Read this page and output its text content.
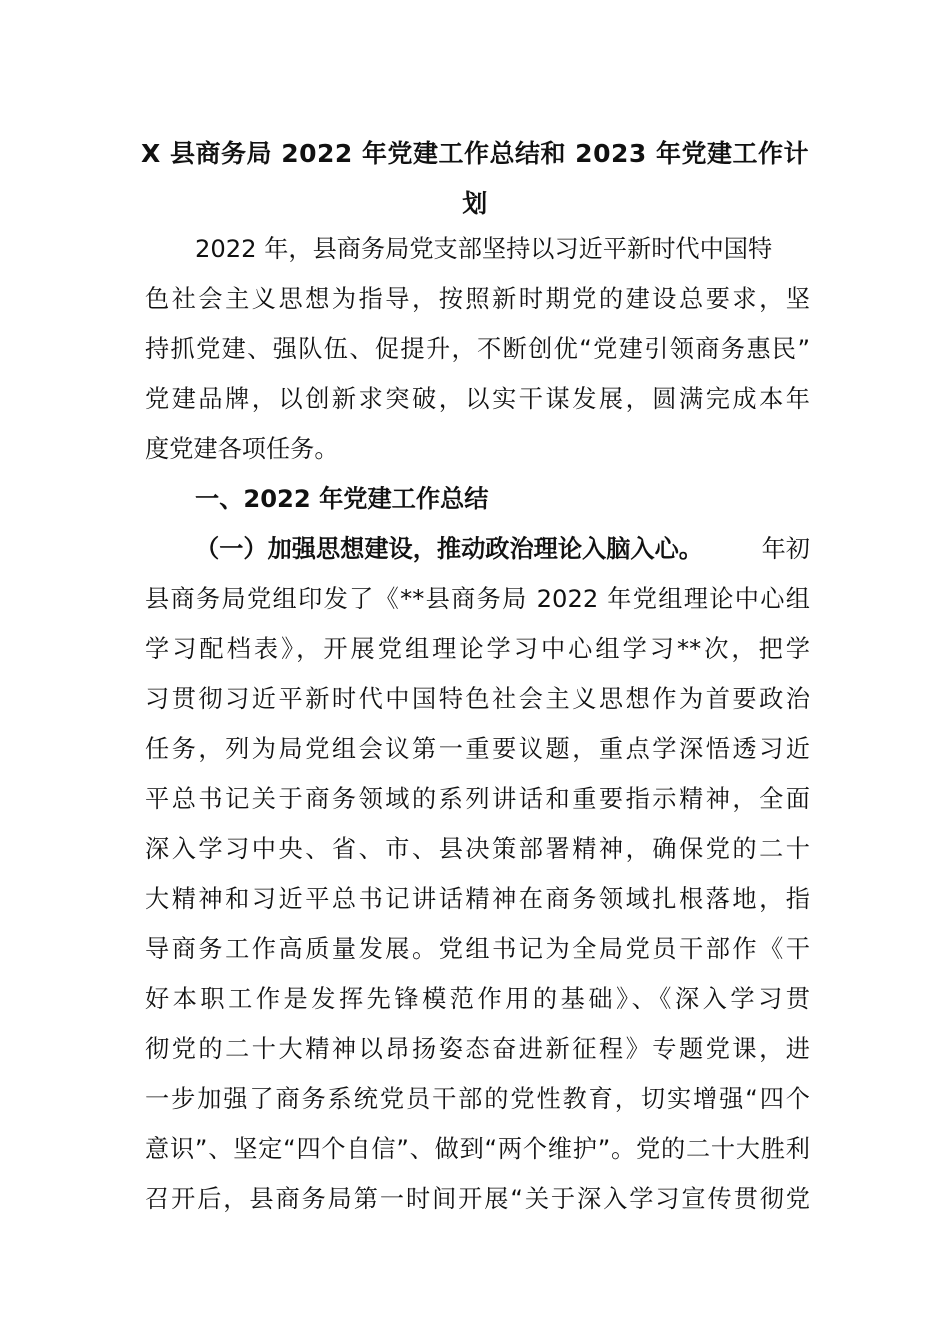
X 县商务局 2022 年党建工作总结和 2023 年党建工作计
划
2022 年，县商务局党支部坚持以习近平新时代中国特
色社会主义思想为指导，按照新时期党的建设总要求，坚
持抓党建、强队伍、促提升，不断创优“党建引领商务惠民”
党建品牌，以创新求突破，以实干谋发展，圆满完成本年
度党建各项任务。
一、2022 年党建工作总结
（一）加强思想建设，推动政治理论入脑入心。 年初
县商务局党组印发了《**县商务局 2022 年党组理论中心组
学习配档表》，开展党组理论学习中心组学习**次，把学
习贯彻习近平新时代中国特色社会主义思想作为首要政治
任务，列为局党组会议第一重要议题，重点学深悟透习近
平总书记关于商务领域的系列讲话和重要指示精神，全面
深入学习中央、省、市、县决策部署精神，确保党的二十
大精神和习近平总书记讲话精神在商务领域扎根落地，指
导商务工作高质量发展。党组书记为全局党员干部作《干
好本职工作是发挥先锋模范作用的基础》、《深入学习贯
彻党的二十大精神以昂扬姿态奋进新征程》专题党课，进
一步加强了商务系统党员干部的党性教育，切实增强“四个
意识”、坚定“四个自信”、做到“两个维护”。党的二十大胜利
召开后，县商务局第一时间开展“关于深入学习宣传贯彻党
